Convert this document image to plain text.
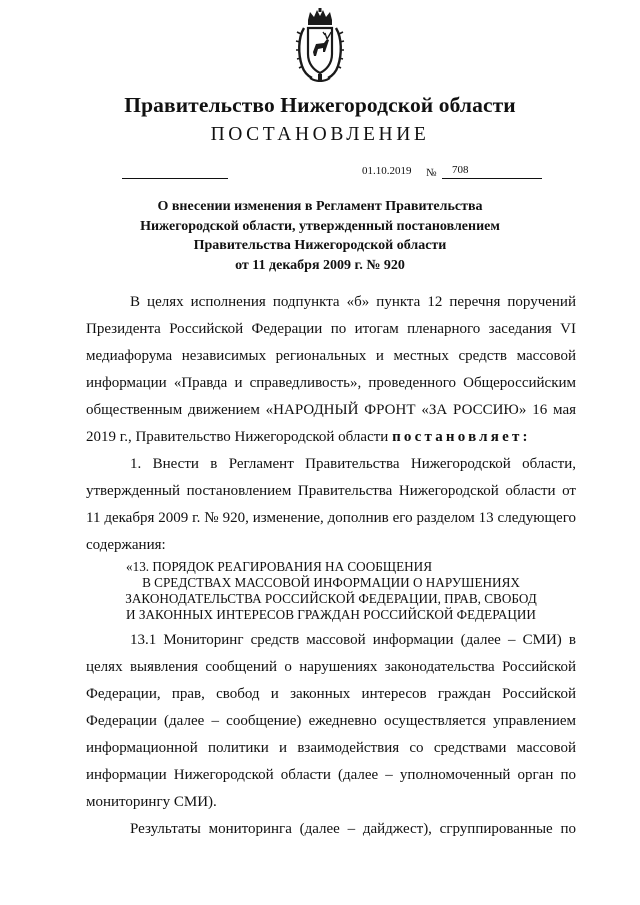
Правительство Нижегородской области
ПОСТАНОВЛЕНИЕ
01.10.2019 № 708
О внесении изменения в Регламент Правительства
Нижегородской области, утвержденный постановлением
Правительства Нижегородской области
от 11 декабря 2009 г. № 920

В целях исполнения подпункта «б» пункта 12 перечня поручений Президента Российской Федерации по итогам пленарного заседания VI медиафорума независимых региональных и местных средств массовой информации «Правда и справедливость», проведенного Общероссийским общественным движением «НАРОДНЫЙ ФРОНТ «ЗА РОССИЮ» 16 мая 2019 г., Правительство Нижегородской области постановляет:

1. Внести в Регламент Правительства Нижегородской области, утвержденный постановлением Правительства Нижегородской области от 11 декабря 2009 г. № 920, изменение, дополнив его разделом 13 следующего содержания:

«13. ПОРЯДОК РЕАГИРОВАНИЯ НА СООБЩЕНИЯ
В СРЕДСТВАХ МАССОВОЙ ИНФОРМАЦИИ О НАРУШЕНИЯХ
ЗАКОНОДАТЕЛЬСТВА РОССИЙСКОЙ ФЕДЕРАЦИИ, ПРАВ, СВОБОД
И ЗАКОННЫХ ИНТЕРЕСОВ ГРАЖДАН РОССИЙСКОЙ ФЕДЕРАЦИИ

13.1 Мониторинг средств массовой информации (далее – СМИ) в целях выявления сообщений о нарушениях законодательства Российской Федерации, прав, свобод и законных интересов граждан Российской Федерации (далее – сообщение) ежедневно осуществляется управлением информационной политики и взаимодействия со средствами массовой информации Нижегородской области (далее – уполномоченный орган по мониторингу СМИ).

Результаты мониторинга (далее – дайджест), сгруппированные по
